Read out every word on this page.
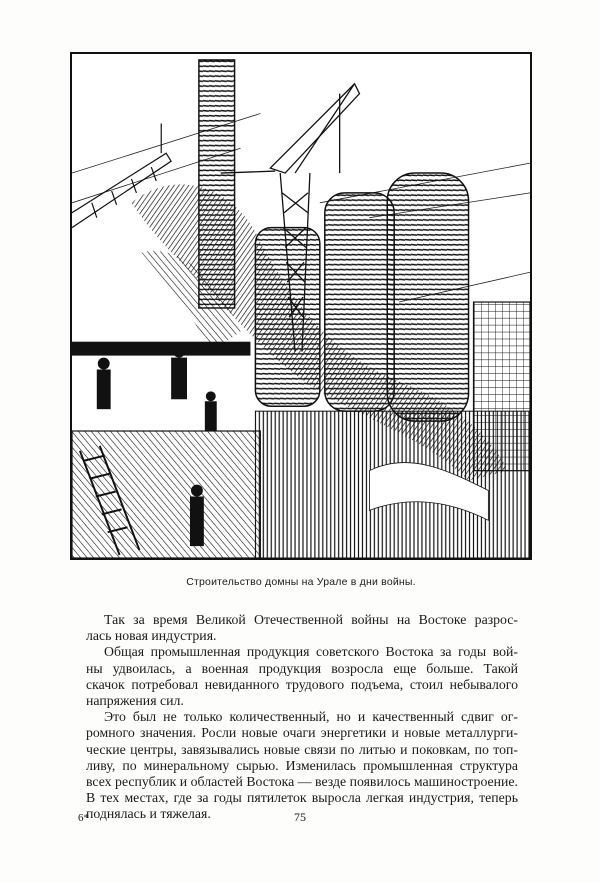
Строительство домны на Урале в дни войны.

Так за время Великой Отечественной войны на Востоке разрос-
лась новая индустрия.

Общая промышленная продукция советского Востока за годы вой-
ны удвоилась, а военная продукция возросла еще больше. Такой
скачок потребовал невиданного трудового подъема, стоил небывалого
напряжения сил.

Это был не только количественный, но и качественный сдвиг ог-
ромного значения. Росли новые очаги энергетики и новые металлурги-
ческие центры, завязывались новые связи по литью и поковкам, по топ-
ливу, по минеральному сырью. Изменилась промышленная структура
всех республик и областей Востока — везде появилось машиностроение.
В тех местах, где за годы пятилеток выросла легкая индустрия, теперь
поднялась и тяжелая.

6*	75
